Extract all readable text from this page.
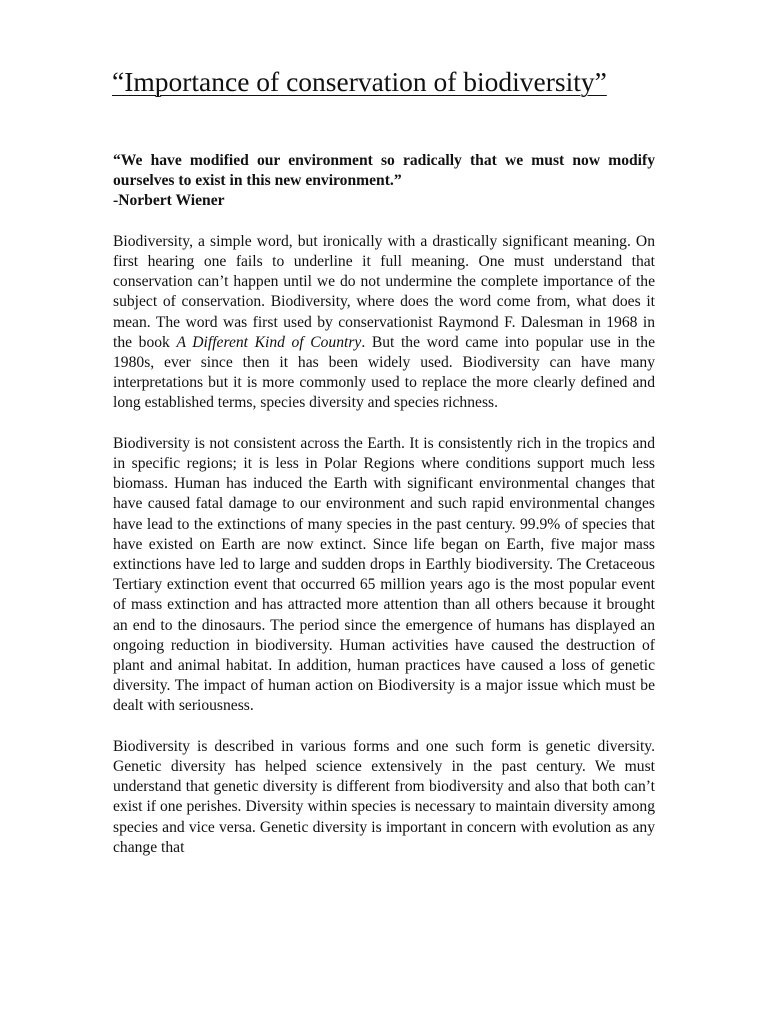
“Importance of conservation of biodiversity”
“We have modified our environment so radically that we must now modify ourselves to exist in this new environment.”
-Norbert Wiener

Biodiversity, a simple word, but ironically with a drastically significant meaning. On first hearing one fails to underline it full meaning. One must understand that conservation can’t happen until we do not undermine the complete importance of the subject of conservation. Biodiversity, where does the word come from, what does it mean. The word was first used by conservationist Raymond F. Dalesman in 1968 in the book A Different Kind of Country. But the word came into popular use in the 1980s, ever since then it has been widely used. Biodiversity can have many interpretations but it is more commonly used to replace the more clearly defined and long established terms, species diversity and species richness.

Biodiversity is not consistent across the Earth. It is consistently rich in the tropics and in specific regions; it is less in Polar Regions where conditions support much less biomass. Human has induced the Earth with significant environmental changes that have caused fatal damage to our environment and such rapid environmental changes have lead to the extinctions of many species in the past century. 99.9% of species that have existed on Earth are now extinct. Since life began on Earth, five major mass extinctions have led to large and sudden drops in Earthly biodiversity. The Cretaceous Tertiary extinction event that occurred 65 million years ago is the most popular event of mass extinction and has attracted more attention than all others because it brought an end to the dinosaurs. The period since the emergence of humans has displayed an ongoing reduction in biodiversity. Human activities have caused the destruction of plant and animal habitat. In addition, human practices have caused a loss of genetic diversity. The impact of human action on Biodiversity is a major issue which must be dealt with seriousness.

Biodiversity is described in various forms and one such form is genetic diversity. Genetic diversity has helped science extensively in the past century. We must understand that genetic diversity is different from biodiversity and also that both can’t exist if one perishes. Diversity within species is necessary to maintain diversity among species and vice versa. Genetic diversity is important in concern with evolution as any change that
